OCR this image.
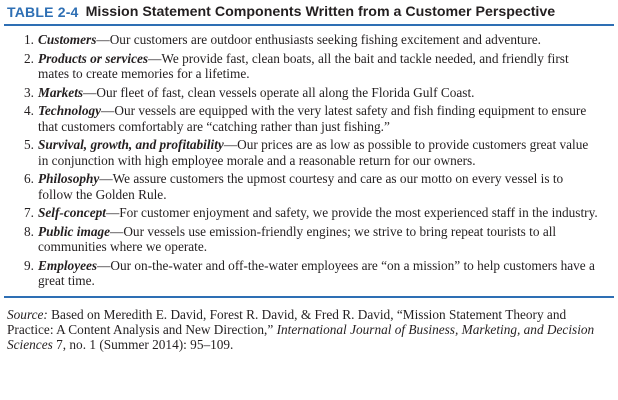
TABLE 2-4 Mission Statement Components Written from a Customer Perspective
1. Customers—Our customers are outdoor enthusiasts seeking fishing excitement and adventure.
2. Products or services—We provide fast, clean boats, all the bait and tackle needed, and friendly first mates to create memories for a lifetime.
3. Markets—Our fleet of fast, clean vessels operate all along the Florida Gulf Coast.
4. Technology—Our vessels are equipped with the very latest safety and fish finding equipment to ensure that customers comfortably are “catching rather than just fishing.”
5. Survival, growth, and profitability—Our prices are as low as possible to provide customers great value in conjunction with high employee morale and a reasonable return for our owners.
6. Philosophy—We assure customers the upmost courtesy and care as our motto on every vessel is to follow the Golden Rule.
7. Self-concept—For customer enjoyment and safety, we provide the most experienced staff in the industry.
8. Public image—Our vessels use emission-friendly engines; we strive to bring repeat tourists to all communities where we operate.
9. Employees—Our on-the-water and off-the-water employees are “on a mission” to help customers have a great time.
Source: Based on Meredith E. David, Forest R. David, & Fred R. David, “Mission Statement Theory and Practice: A Content Analysis and New Direction,” International Journal of Business, Marketing, and Decision Sciences 7, no. 1 (Summer 2014): 95–109.
